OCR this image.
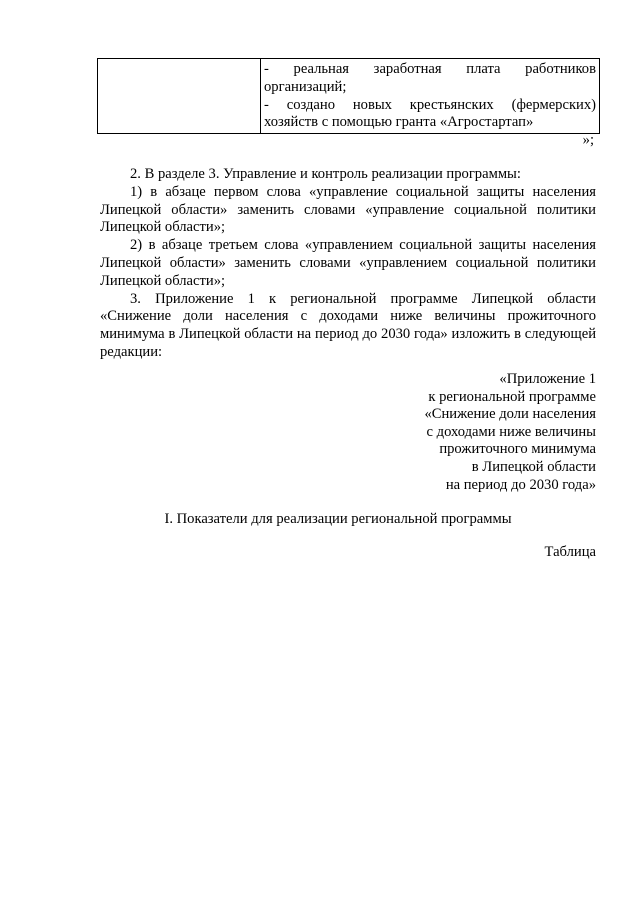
- реальная заработная плата работников
организаций;
- создано новых крестьянских (фермерских)
хозяйств с помощью гранта «Агростартап»
»;

2. В разделе 3. Управление и контроль реализации программы:

1) в абзаце первом слова «управление социальной защиты населения
Липецкой области» заменить словами «управление социальной политики Липецкой области»;
2) в абзаце третьем слова «управлением социальной защиты населения
Липецкой области» заменить словами «управлением социальной политики Липецкой области»;
3. Приложение 1 к региональной программе Липецкой области
«Снижение доли населения с доходами ниже величины прожиточного минимума в Липецкой области на период до 2030 года» изложить в следующей редакции:
«Приложение 1
к региональной программе
«Снижение доли населения
с доходами ниже величины
прожиточного минимума
в Липецкой области
на период до 2030 года»
I. Показатели для реализации региональной программы
Таблица
